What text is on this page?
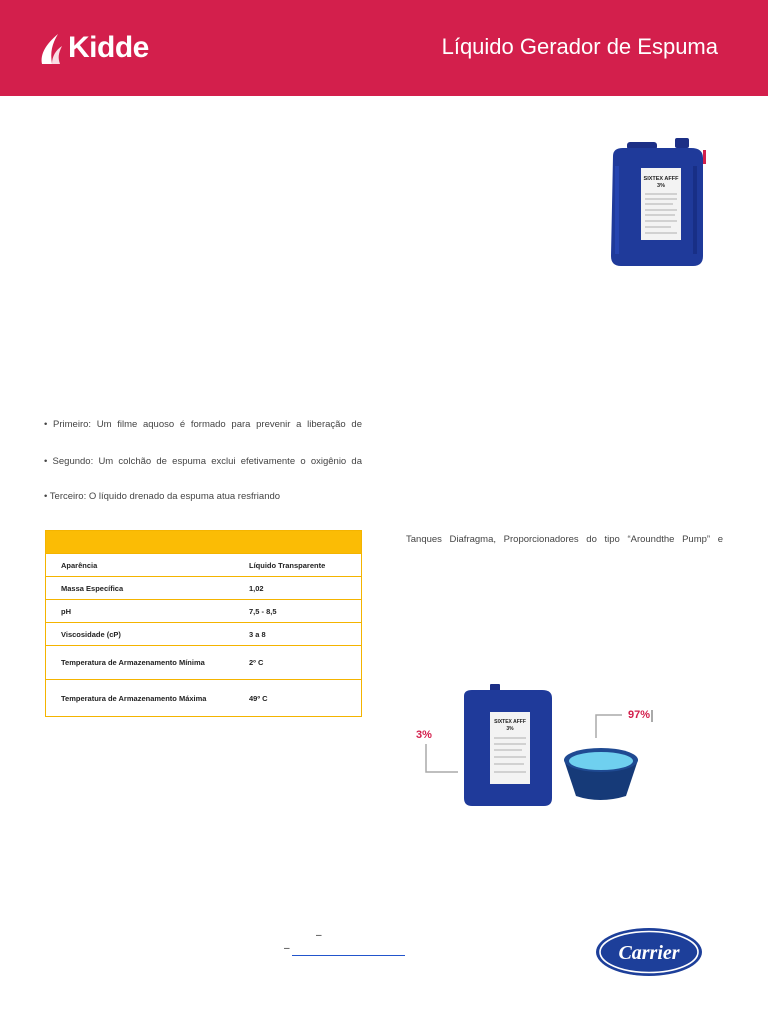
Kidde	Líquido Gerador de Espuma
SIXTEX AFFF
3%

• Primeiro: Um filme aquoso é formado para prevenir a liberação de

• Segundo: Um colchão de espuma exclui efetivamente o oxigênio da

• Terceiro: O líquido drenado da espuma atua resfriando

Aparência	Líquido Transparente
Massa Específica	1,02
pH	7,5 - 8,5
Viscosidade (cP)	3 a 8
Temperatura de Armazenamento Mínima	2º C
Temperatura de Armazenamento Máxima	49º C

Tanques Diafragma, Proporcionadores do tipo “Aroundthe Pump” e

3%
SIXTEX AFFF
3%
97%
–
–	Carrier
